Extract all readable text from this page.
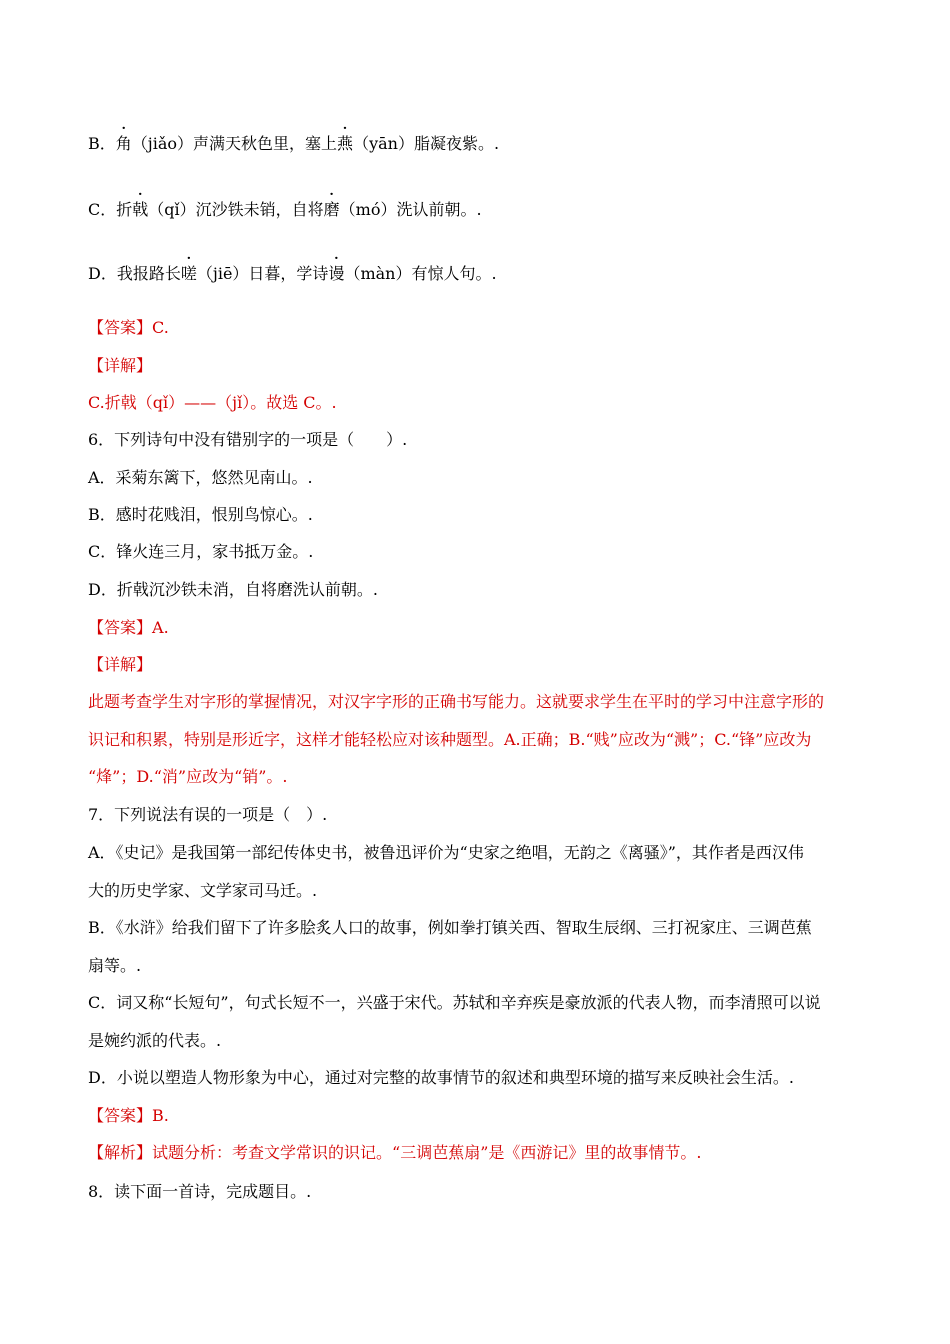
B．角（jiǎo）声满天秋色里，塞上燕（yān）脂凝夜紫。.
C．折戟（qǐ）沉沙铁未销，自将磨（mó）洗认前朝。.
D．我报路长嗟（jiē）日暮，学诗谩（màn）有惊人句。.
【答案】C.
【详解】
C.折戟（qǐ）——（jǐ）。故选 C。.
6．下列诗句中没有错别字的一项是（　　）.
A．采菊东篱下，悠然见南山。.
B．感时花贱泪，恨别鸟惊心。.
C．锋火连三月，家书抵万金。.
D．折戟沉沙铁未消，自将磨洗认前朝。.
【答案】A.
【详解】
此题考查学生对字形的掌握情况，对汉字字形的正确书写能力。这就要求学生在平时的学习中注意字形的
识记和积累，特别是形近字，这样才能轻松应对该种题型。A.正确；B.“贱”应改为“溅”；C.“锋”应改为
“烽”；D.“消”应改为“销”。.
7．下列说法有误的一项是（　）.
A．《史记》是我国第一部纪传体史书，被鲁迅评价为“史家之绝唱，无韵之《离骚》”，其作者是西汉伟
大的历史学家、文学家司马迁。.
B．《水浒》给我们留下了许多脍炙人口的故事，例如拳打镇关西、智取生辰纲、三打祝家庄、三调芭蕉
扇等。.
C．词又称“长短句”，句式长短不一，兴盛于宋代。苏轼和辛弃疾是豪放派的代表人物，而李清照可以说
是婉约派的代表。.
D．小说以塑造人物形象为中心，通过对完整的故事情节的叙述和典型环境的描写来反映社会生活。.
【答案】B.
【解析】试题分析：考查文学常识的识记。“三调芭蕉扇”是《西游记》里的故事情节。.
8．读下面一首诗，完成题目。.
